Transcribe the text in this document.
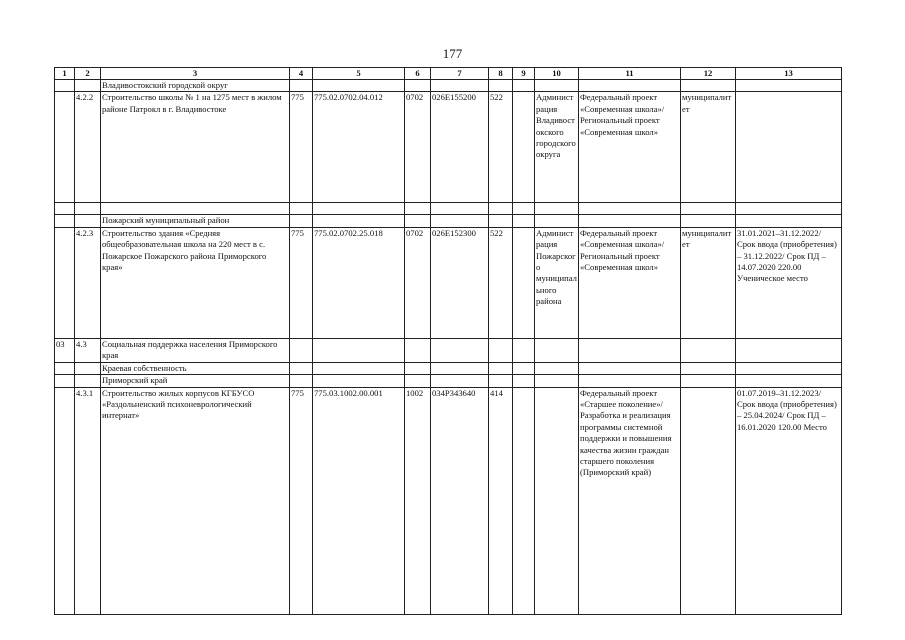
177
1	2	3	4	5	6	7	8	9	10	11	12	13
		Владивостокский городской округ										
	4.2.2	Строительство школы № 1 на 1275 мест в жилом районе Патрокл в г. Владивостоке	775	775.02.0702.04.012	0702	026E155200	522		Администрация Владивостокского городского округа	Федеральный проект «Современная школа»/Региональный проект «Современная школ»	муниципалитет	

		Пожарский муниципальный район										
	4.2.3	Строительство здания «Средняя общеобразовательная школа на 220 мест в с. Пожарское Пожарского района Приморского края»	775	775.02.0702.25.018	0702	026E152300	522		Администрация Пожарского муниципального района	Федеральный проект «Современная школа»/Региональный проект «Современная школ»	муниципалитет	31.01.2021–31.12.2022/ Срок ввода (приобретения) – 31.12.2022/ Срок ПД – 14.07.2020 220.00 Ученическое место
03	4.3	Социальная поддержка населения Приморского края										
		Краевая собственность										
		Приморский край										
	4.3.1	Строительство жилых корпусов КГБУСО «Раздольненский психоневрологический интернат»	775	775.03.1002.00.001	1002	034P343640	414			Федеральный проект «Старшее поколение»/Разработка и реализация программы системной поддержки и повышения качества жизни граждан старшего поколения (Приморский край)		01.07.2019–31.12.2023/ Срок ввода (приобретения) – 25.04.2024/ Срок ПД – 16.01.2020 120.00 Место
